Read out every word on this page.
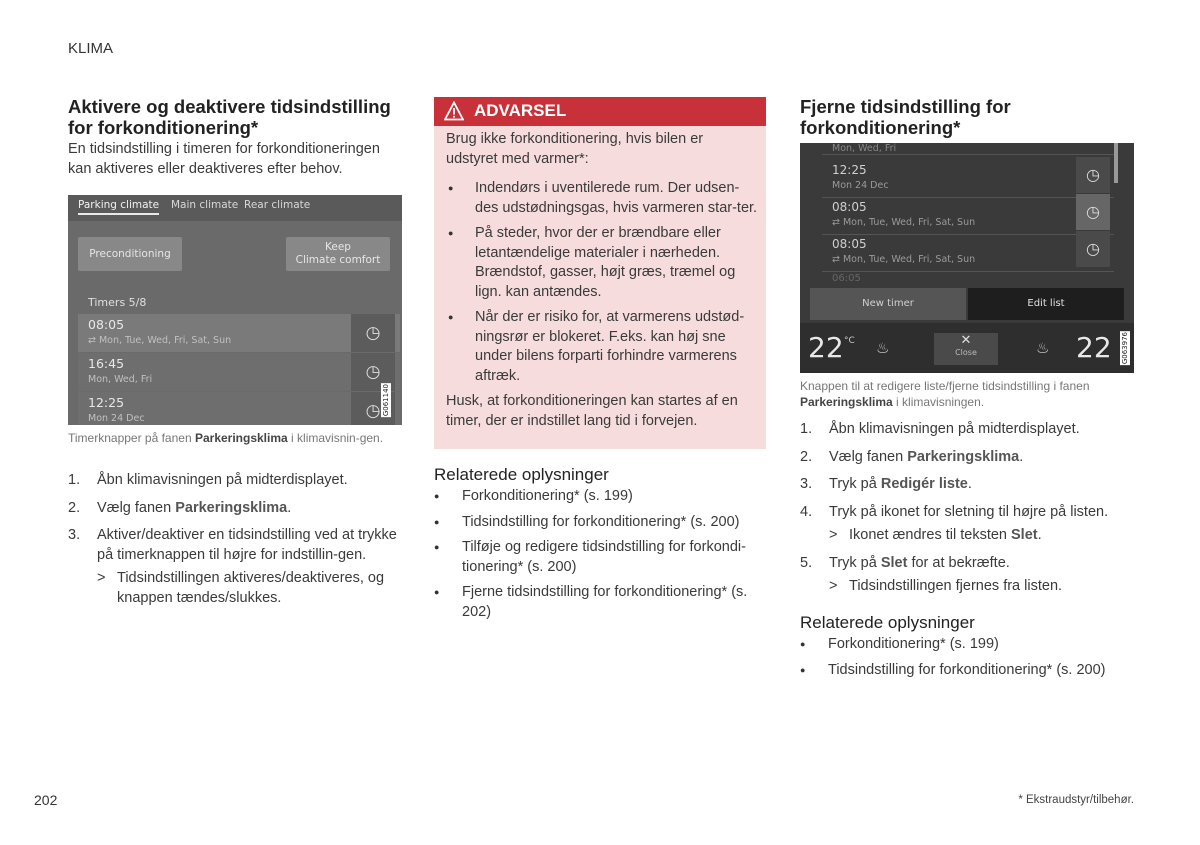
KLIMA
Aktivere og deaktivere tidsindstilling for forkonditionering*

En tidsindstilling i timeren for forkonditioneringen kan aktiveres eller deaktiveres efter behov.

Parking climate Main climate Rear climate
Preconditioning
Keep
Climate comfort
Timers 5/8
08:05
⇄ Mon, Tue, Wed, Fri, Sat, Sun	◷
16:45
Mon, Wed, Fri	◷
12:25
Mon 24 Dec	◷ G061140
Timerknapper på fanen Parkeringsklima i klimavisnin-gen.
1. Åbn klimavisningen på midterdisplayet.
2. Vælg fanen Parkeringsklima.
3. Aktiver/deaktiver en tidsindstilling ved at trykke på timerknappen til højre for indstillin-gen.
> Tidsindstillingen aktiveres/deaktiveres, og knappen tændes/slukkes.
ADVARSEL

Brug ikke forkonditionering, hvis bilen er udstyret med varmer*:

● Indendørs i uventilerede rum. Der udsen-des udstødningsgas, hvis varmeren star-ter.
● På steder, hvor der er brændbare eller letantændelige materialer i nærheden. Brændstof, gasser, højt græs, træmel og lign. kan antændes.
● Når der er risiko for, at varmerens udstød-ningsrør er blokeret. F.eks. kan høj sne under bilens forparti forhindre varmerens aftræk.

Husk, at forkonditioneringen kan startes af en timer, der er indstillet lang tid i forvejen.

Relaterede oplysninger
● Forkonditionering* (s. 199)
● Tidsindstilling for forkonditionering* (s. 200)
● Tilføje og redigere tidsindstilling for forkondi-tionering* (s. 200)
● Fjerne tidsindstilling for forkonditionering* (s. 202)
Fjerne tidsindstilling for forkonditionering*
Mon, Wed, Fri
12:25
Mon 24 Dec
◷
08:05
⇄ Mon, Tue, Wed, Fri, Sat, Sun
◷
08:05
⇄ Mon, Tue, Wed, Fri, Sat, Sun
◷
06:05
New timer	Edit list
22 °C ♨	✕
Close	♨ 22 G063976
Knappen til at redigere liste/fjerne tidsindstilling i fanen Parkeringsklima i klimavisningen.
1. Åbn klimavisningen på midterdisplayet.
2. Vælg fanen Parkeringsklima.
3. Tryk på Redigér liste.
4. Tryk på ikonet for sletning til højre på listen.
> Ikonet ændres til teksten Slet.
5. Tryk på Slet for at bekræfte.
> Tidsindstillingen fjernes fra listen.
Relaterede oplysninger
● Forkonditionering* (s. 199)
● Tidsindstilling for forkonditionering* (s. 200)
202	* Ekstraudstyr/tilbehør.
